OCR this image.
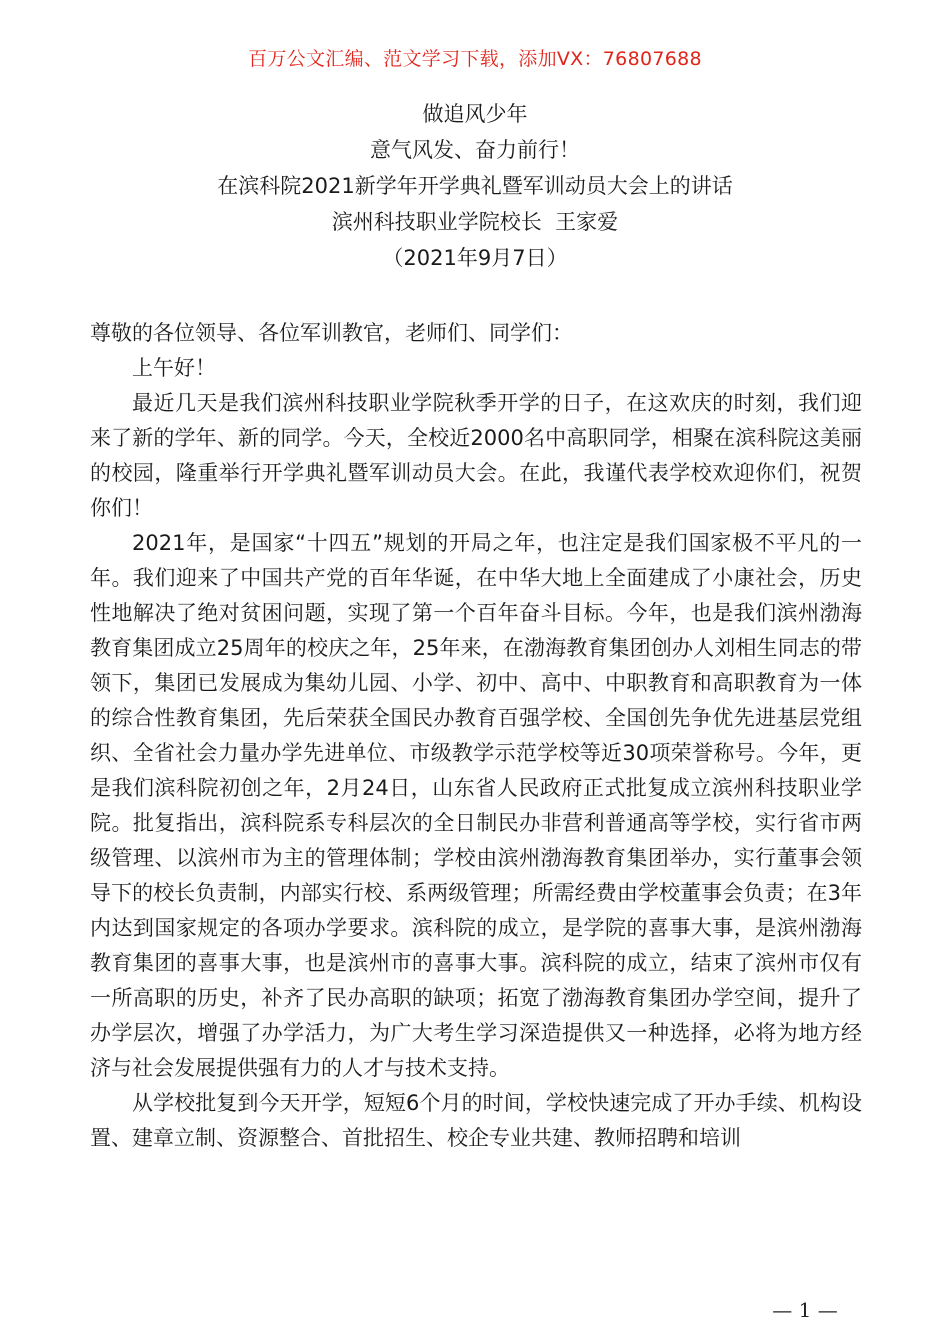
百万公文汇编、范文学习下载，添加VX：76807688
做追风少年
意气风发、奋力前行！
在滨科院2021新学年开学典礼暨军训动员大会上的讲话
滨州科技职业学院校长  王家爱
（2021年9月7日）

尊敬的各位领导、各位军训教官，老师们、同学们：

上午好！

最近几天是我们滨州科技职业学院秋季开学的日子，在这欢庆的时刻，我们迎来了新的学年、新的同学。今天，全校近2000名中高职同学，相聚在滨科院这美丽的校园，隆重举行开学典礼暨军训动员大会。在此，我谨代表学校欢迎你们，祝贺你们！

2021年，是国家“十四五”规划的开局之年，也注定是我们国家极不平凡的一年。我们迎来了中国共产党的百年华诞，在中华大地上全面建成了小康社会，历史性地解决了绝对贫困问题，实现了第一个百年奋斗目标。今年，也是我们滨州渤海教育集团成立25周年的校庆之年，25年来，在渤海教育集团创办人刘相生同志的带领下，集团已发展成为集幼儿园、小学、初中、高中、中职教育和高职教育为一体的综合性教育集团，先后荣获全国民办教育百强学校、全国创先争优先进基层党组织、全省社会力量办学先进单位、市级教学示范学校等近30项荣誉称号。今年，更是我们滨科院初创之年，2月24日，山东省人民政府正式批复成立滨州科技职业学院。批复指出，滨科院系专科层次的全日制民办非营利普通高等学校，实行省市两级管理、以滨州市为主的管理体制；学校由滨州渤海教育集团举办，实行董事会领导下的校长负责制，内部实行校、系两级管理；所需经费由学校董事会负责；在3年内达到国家规定的各项办学要求。滨科院的成立，是学院的喜事大事，是滨州渤海教育集团的喜事大事，也是滨州市的喜事大事。滨科院的成立，结束了滨州市仅有一所高职的历史，补齐了民办高职的缺项；拓宽了渤海教育集团办学空间，提升了办学层次，增强了办学活力，为广大考生学习深造提供又一种选择，必将为地方经济与社会发展提供强有力的人才与技术支持。

从学校批复到今天开学，短短6个月的时间，学校快速完成了开办手续、机构设置、建章立制、资源整合、首批招生、校企专业共建、教师招聘和培训

— 1 —
